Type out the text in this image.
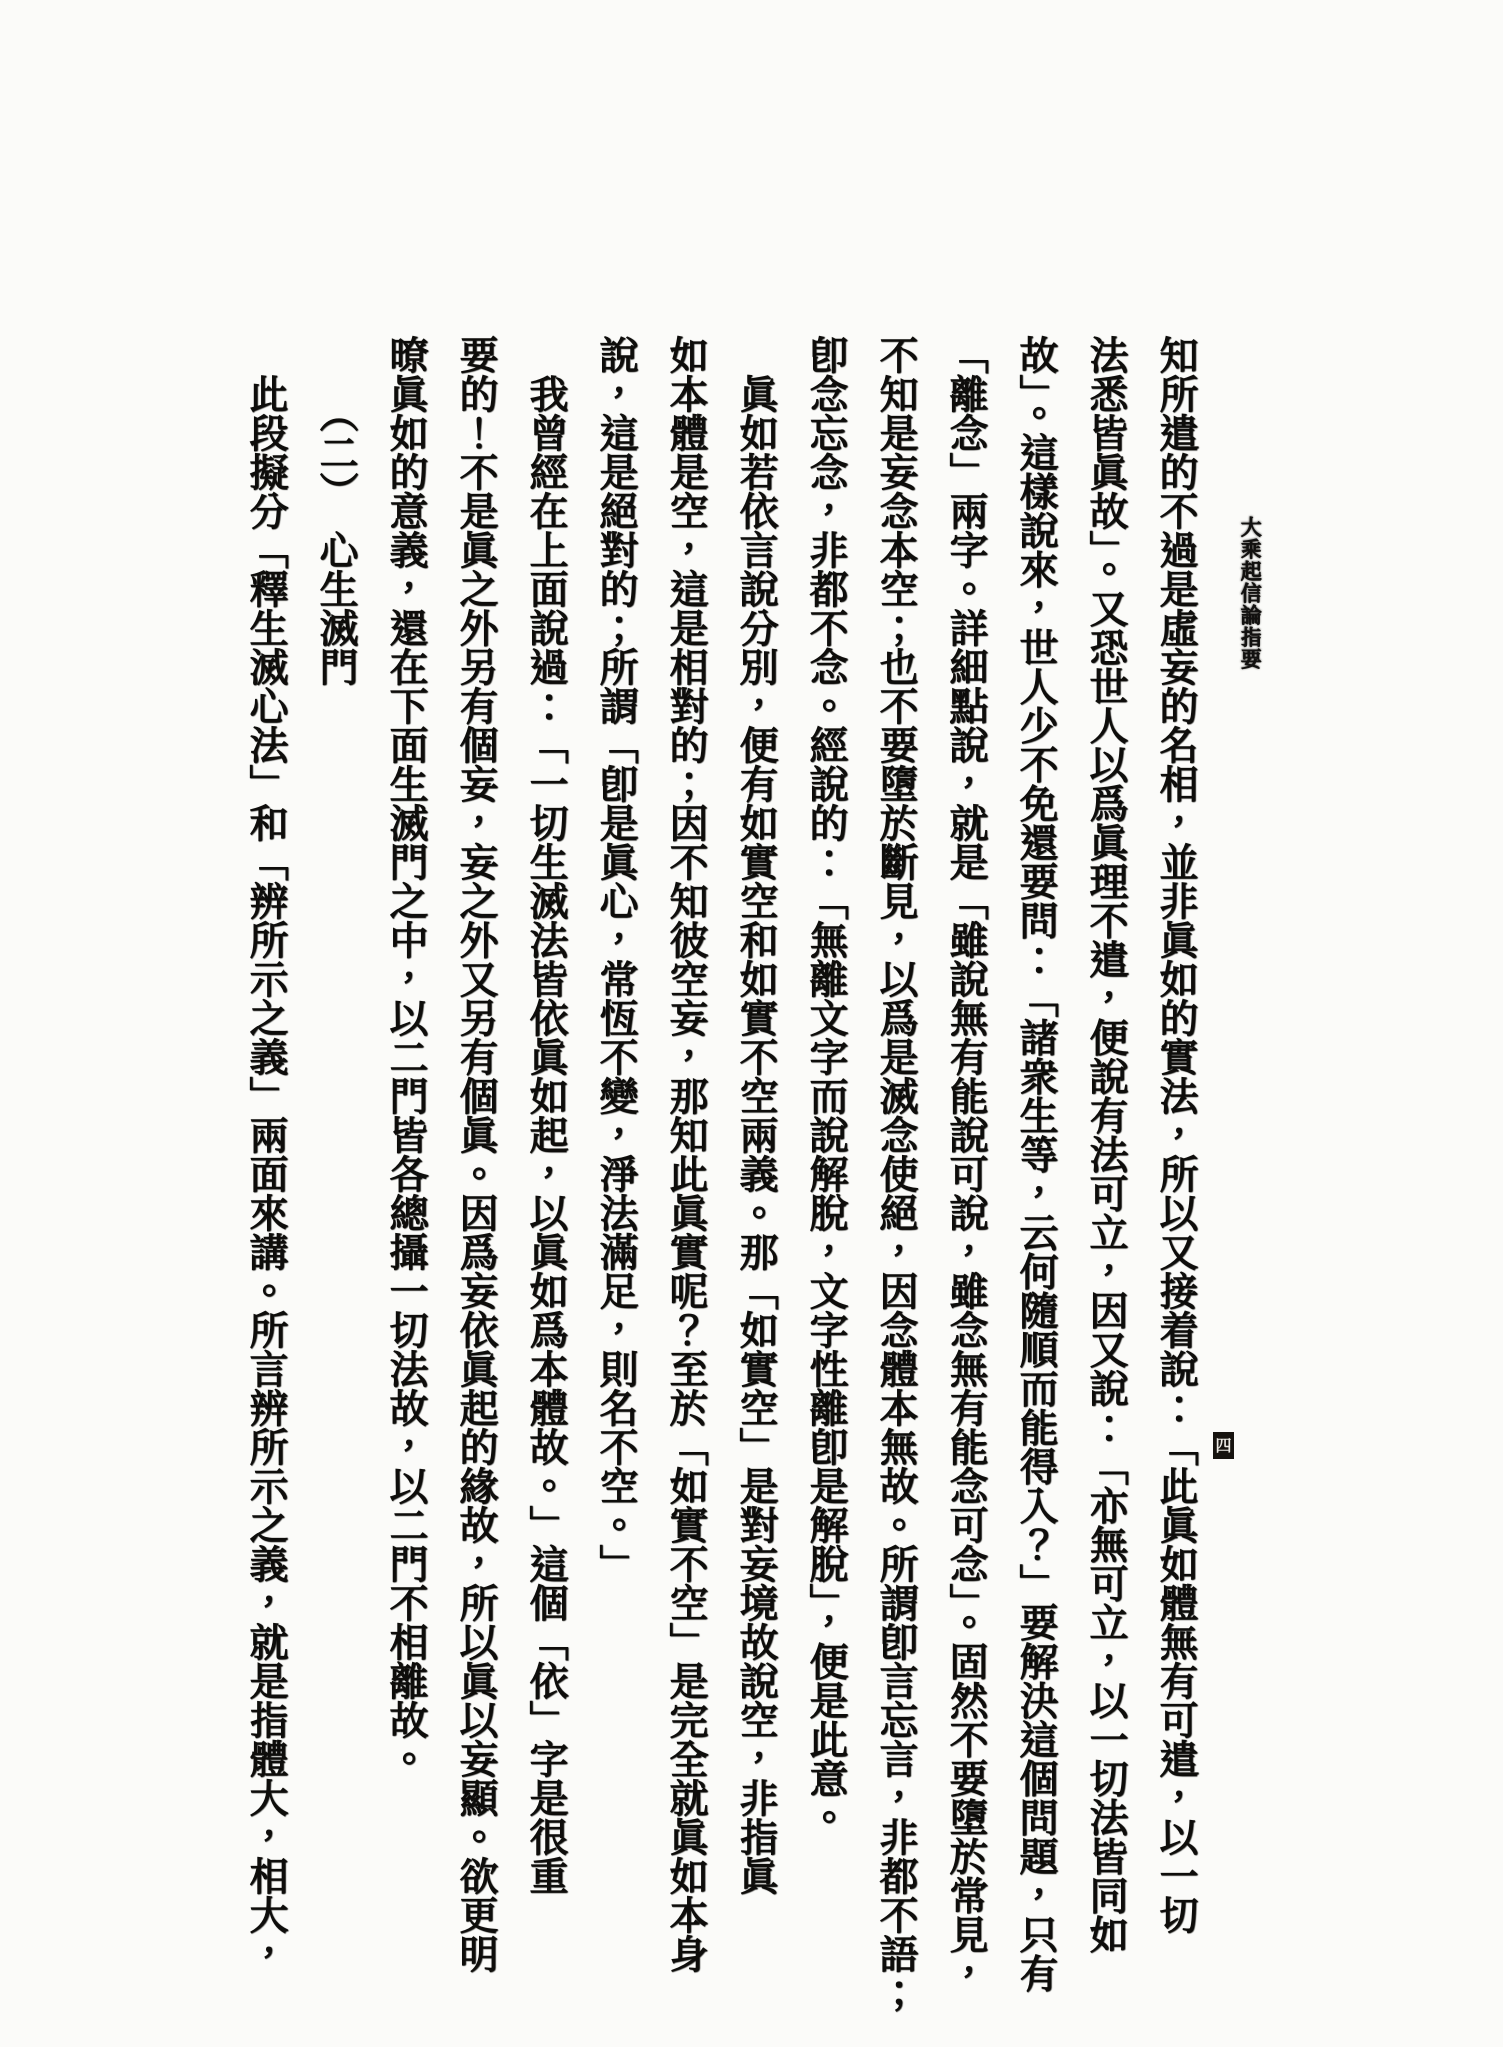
大乘起信論指要
四
知所遣的不過是虛妄的名相，並非眞如的實法，所以又接着說：「此眞如體無有可遣，以一切
法悉皆眞故」。又恐世人以爲眞理不遣，便說有法可立，因又說：「亦無可立，以一切法皆同如
故」。這樣說來，世人少不免還要問：「諸衆生等，云何隨順而能得入？」要解決這個問題，只有
「離念」兩字。詳細點說，就是「雖說無有能說可說，雖念無有能念可念」。固然不要墮於常見，
不知是妄念本空；也不要墮於斷見，以爲是滅念使絕，因念體本無故。所謂卽言忘言，非都不語；
卽念忘念，非都不念。經說的：「無離文字而說解脫，文字性離卽是解脫」，便是此意。
　眞如若依言說分別，便有如實空和如實不空兩義。那「如實空」是對妄境故說空，非指眞
如本體是空，這是相對的；因不知彼空妄，那知此眞實呢？至於「如實不空」是完全就眞如本身
說，這是絕對的；所謂「卽是眞心，常恆不變，淨法滿足，則名不空。」
　我曾經在上面說過：「一切生滅法皆依眞如起，以眞如爲本體故。」這個「依」字是很重
要的！不是眞之外另有個妄，妄之外又另有個眞。因爲妄依眞起的緣故，所以眞以妄顯。欲更明
暸眞如的意義，還在下面生滅門之中，以二門皆各總攝一切法故，以二門不相離故。
　　（二）　心生滅門
　此段擬分「釋生滅心法」和「辨所示之義」兩面來講。所言辨所示之義，就是指體大，相大，
